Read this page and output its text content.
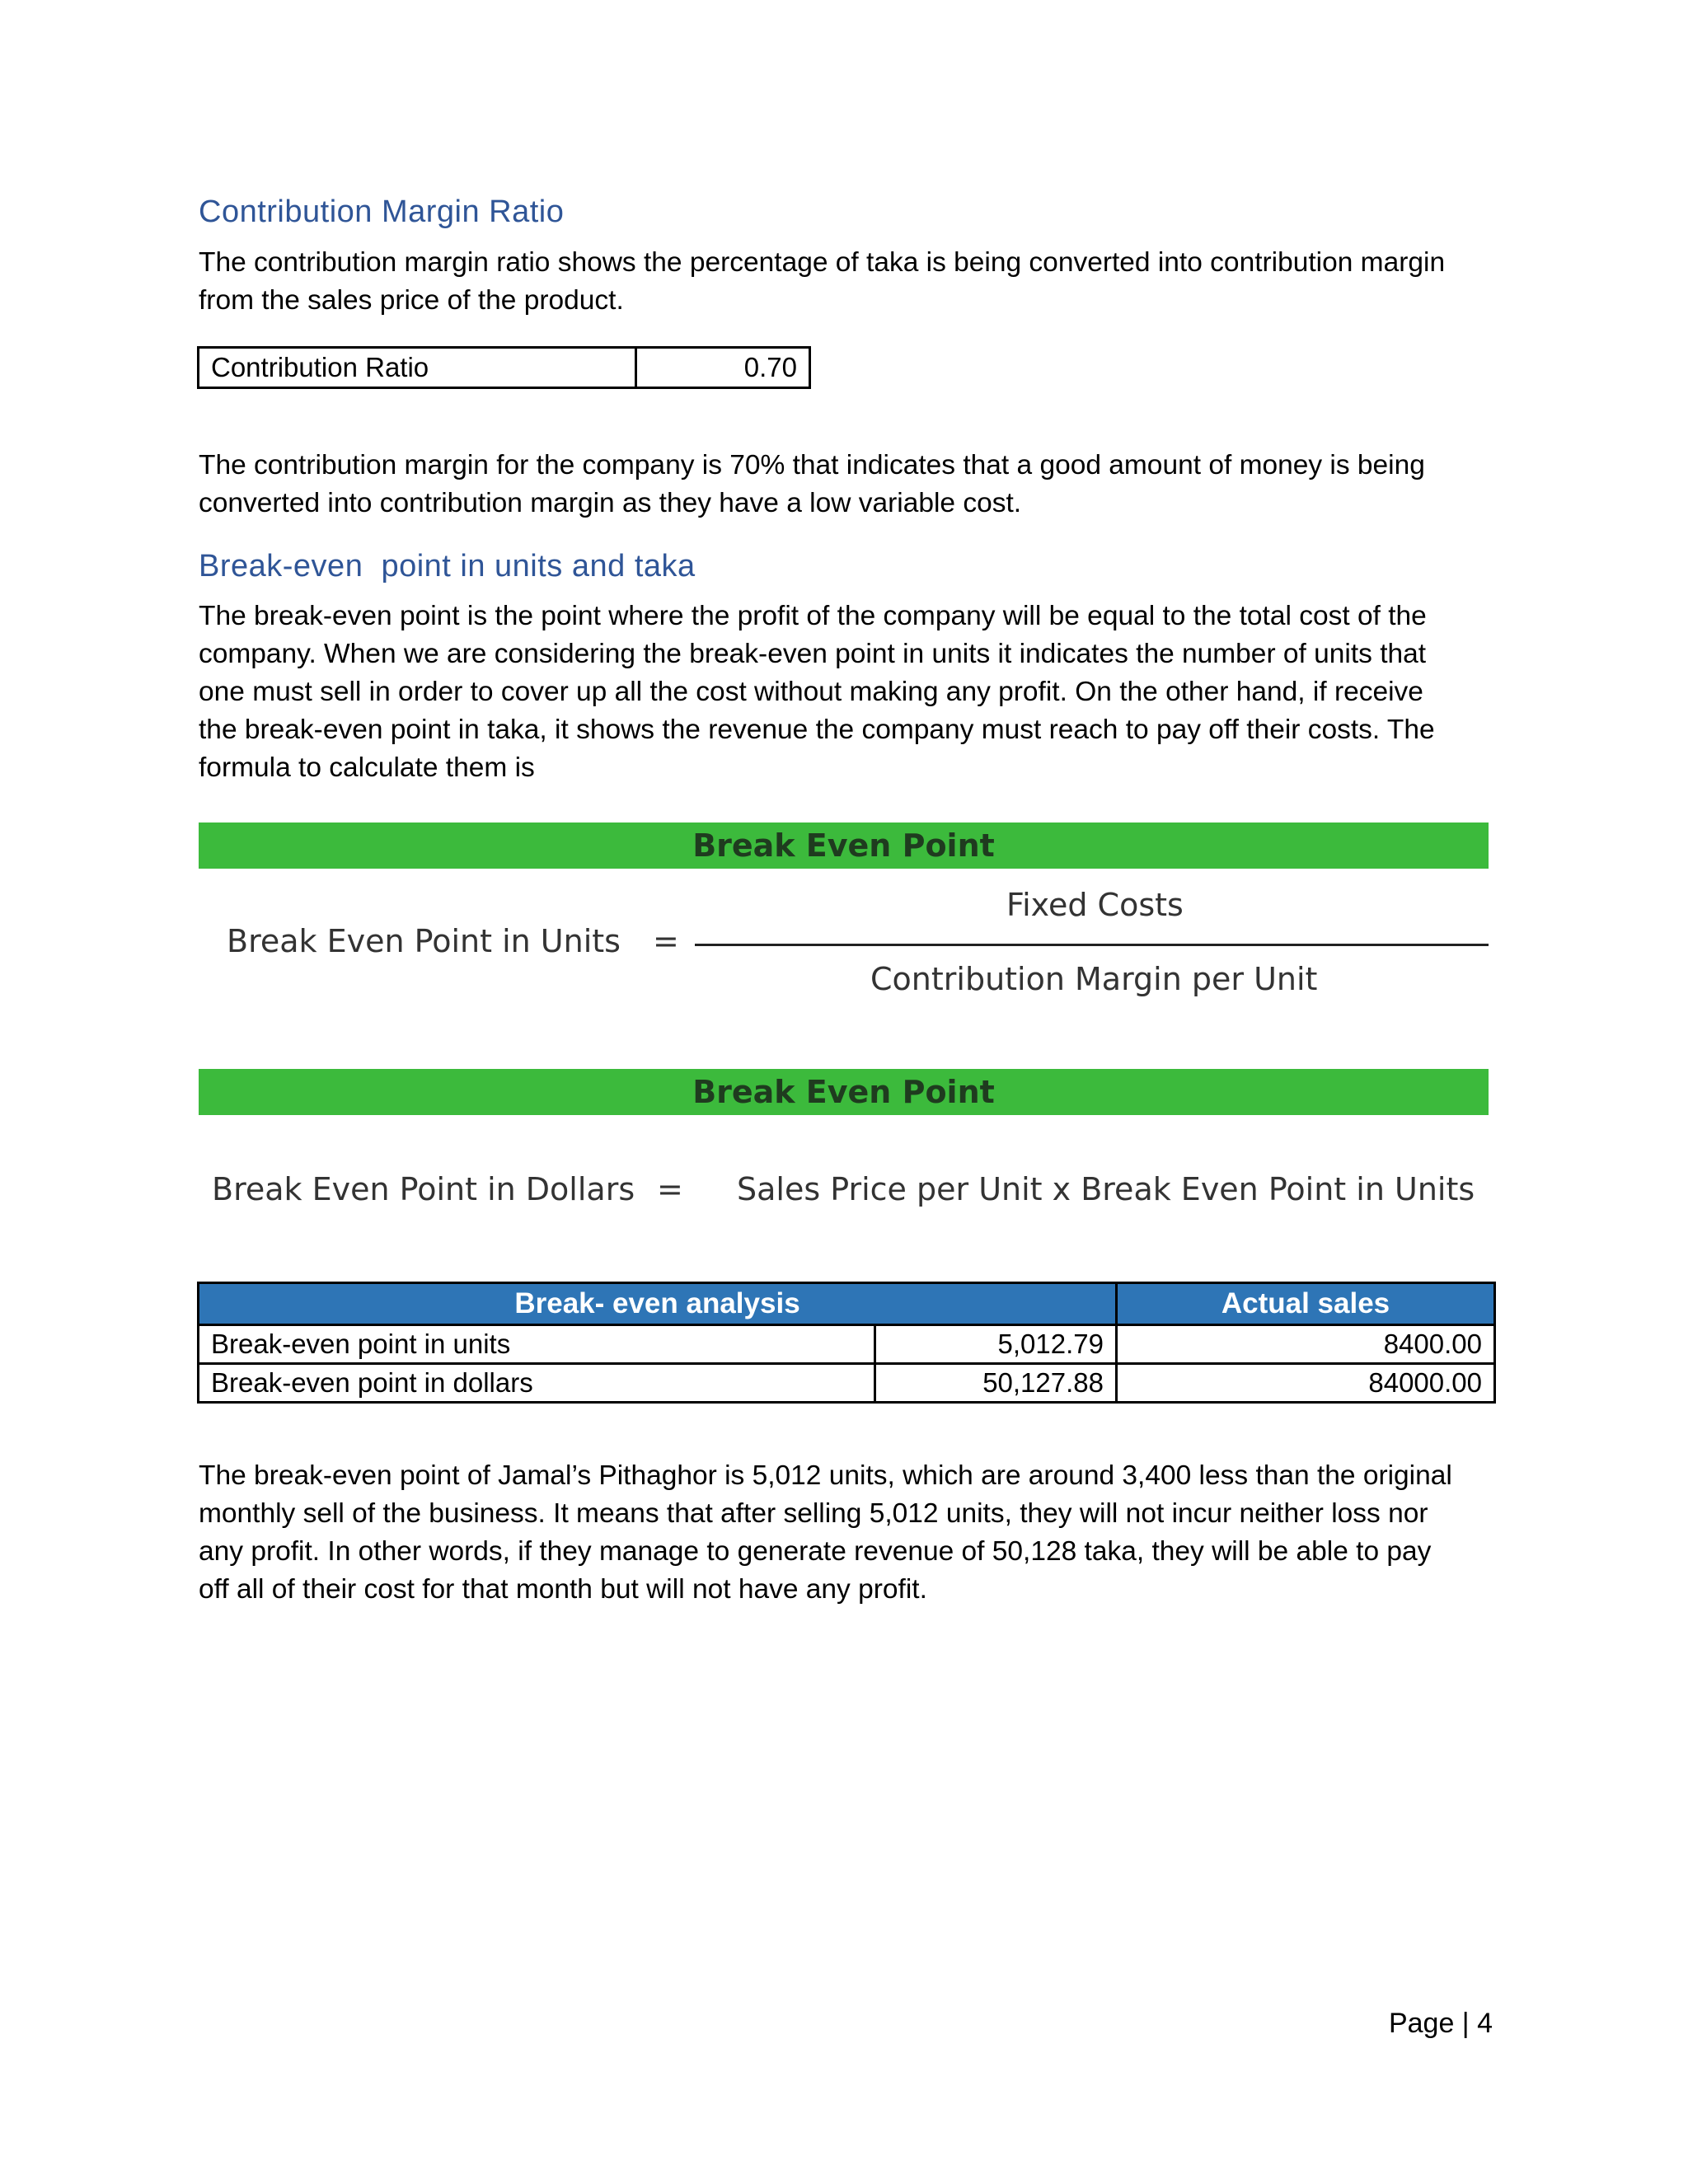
Contribution Margin Ratio

The contribution margin ratio shows the percentage of taka is being converted into contribution margin
from the sales price of the product.

Contribution Ratio	0.70

The contribution margin for the company is 70% that indicates that a good amount of money is being
converted into contribution margin as they have a low variable cost.

Break-even  point in units and taka

The break-even point is the point where the profit of the company will be equal to the total cost of the
company. When we are considering the break-even point in units it indicates the number of units that
one must sell in order to cover up all the cost without making any profit. On the other hand, if receive
the break-even point in taka, it shows the revenue the company must reach to pay off their costs. The
formula to calculate them is

Break Even Point
Break Even Point in Units =
Fixed Costs
Contribution Margin per Unit
Break Even Point
Break Even Point in Dollars = Sales Price per Unit x Break Even Point in Units
Break- even analysis		Actual sales
Break-even point in units	5,012.79	8400.00
Break-even point in dollars	50,127.88	84000.00

The break-even point of Jamal’s Pithaghor is 5,012 units, which are around 3,400 less than the original
monthly sell of the business. It means that after selling 5,012 units, they will not incur neither loss nor
any profit. In other words, if they manage to generate revenue of 50,128 taka, they will be able to pay
off all of their cost for that month but will not have any profit.

Page | 4
